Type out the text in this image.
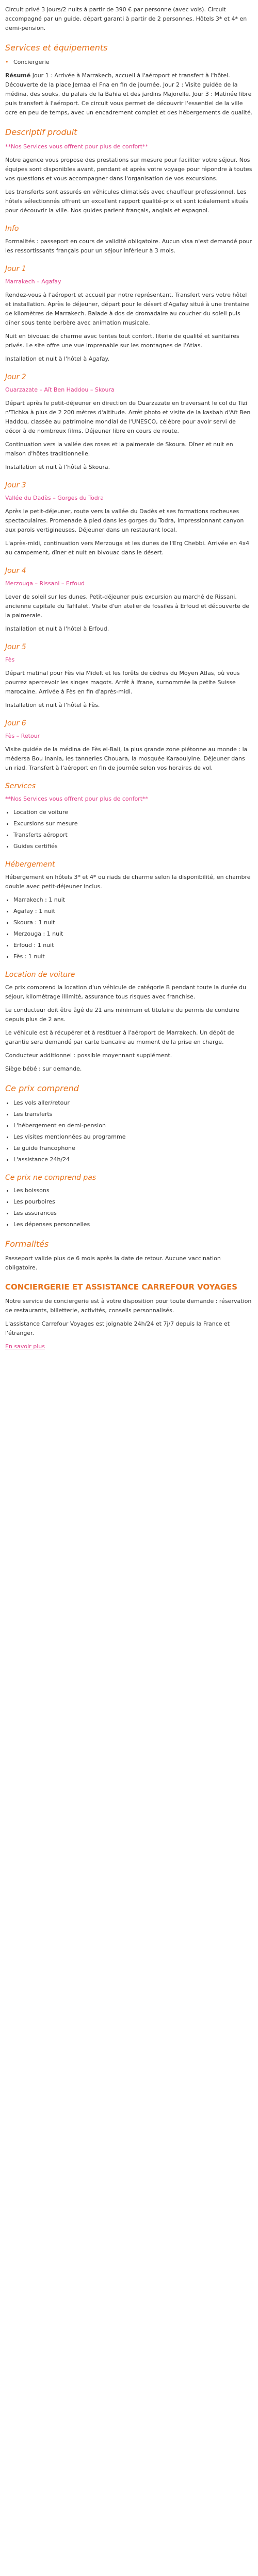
Circuit privé 3 jours/2 nuits à partir de 390 € par personne (avec vols). Circuit accompagné par un guide, départ garanti à partir de 2 personnes. Hôtels 3* et 4* en demi-pension.

Services et équipements
• Conciergerie

Résumé Jour 1 : Arrivée à Marrakech, accueil à l'aéroport et transfert à l'hôtel. Découverte de la place Jemaa el Fna en fin de journée. Jour 2 : Visite guidée de la médina, des souks, du palais de la Bahia et des jardins Majorelle. Jour 3 : Matinée libre puis transfert à l'aéroport. Ce circuit vous permet de découvrir l'essentiel de la ville ocre en peu de temps, avec un encadrement complet et des hébergements de qualité.

Descriptif produit

**Nos Services vous offrent pour plus de confort**

Notre agence vous propose des prestations sur mesure pour faciliter votre séjour. Nos équipes sont disponibles avant, pendant et après votre voyage pour répondre à toutes vos questions et vous accompagner dans l'organisation de vos excursions.

Les transferts sont assurés en véhicules climatisés avec chauffeur professionnel. Les hôtels sélectionnés offrent un excellent rapport qualité-prix et sont idéalement situés pour découvrir la ville. Nos guides parlent français, anglais et espagnol.

Info

Formalités : passeport en cours de validité obligatoire. Aucun visa n'est demandé pour les ressortissants français pour un séjour inférieur à 3 mois.

Jour 1

Marrakech – Agafay

Rendez-vous à l'aéroport et accueil par notre représentant. Transfert vers votre hôtel et installation. Après le déjeuner, départ pour le désert d'Agafay situé à une trentaine de kilomètres de Marrakech. Balade à dos de dromadaire au coucher du soleil puis dîner sous tente berbère avec animation musicale.

Nuit en bivouac de charme avec tentes tout confort, literie de qualité et sanitaires privés. Le site offre une vue imprenable sur les montagnes de l'Atlas.

Installation et nuit à l'hôtel à Agafay.

Jour 2

Ouarzazate – Aït Ben Haddou – Skoura

Départ après le petit-déjeuner en direction de Ouarzazate en traversant le col du Tizi n'Tichka à plus de 2 200 mètres d'altitude. Arrêt photo et visite de la kasbah d'Aït Ben Haddou, classée au patrimoine mondial de l'UNESCO, célèbre pour avoir servi de décor à de nombreux films. Déjeuner libre en cours de route.

Continuation vers la vallée des roses et la palmeraie de Skoura. Dîner et nuit en maison d'hôtes traditionnelle.

Installation et nuit à l'hôtel à Skoura.

Jour 3

Vallée du Dadès – Gorges du Todra

Après le petit-déjeuner, route vers la vallée du Dadès et ses formations rocheuses spectaculaires. Promenade à pied dans les gorges du Todra, impressionnant canyon aux parois vertigineuses. Déjeuner dans un restaurant local.

L'après-midi, continuation vers Merzouga et les dunes de l'Erg Chebbi. Arrivée en 4x4 au campement, dîner et nuit en bivouac dans le désert.

Jour 4

Merzouga – Rissani – Erfoud

Lever de soleil sur les dunes. Petit-déjeuner puis excursion au marché de Rissani, ancienne capitale du Tafilalet. Visite d'un atelier de fossiles à Erfoud et découverte de la palmeraie.

Installation et nuit à l'hôtel à Erfoud.

Jour 5

Fès

Départ matinal pour Fès via Midelt et les forêts de cèdres du Moyen Atlas, où vous pourrez apercevoir les singes magots. Arrêt à Ifrane, surnommée la petite Suisse marocaine. Arrivée à Fès en fin d'après-midi.

Installation et nuit à l'hôtel à Fès.

Jour 6

Fès – Retour

Visite guidée de la médina de Fès el-Bali, la plus grande zone piétonne au monde : la médersa Bou Inania, les tanneries Chouara, la mosquée Karaouiyine. Déjeuner dans un riad. Transfert à l'aéroport en fin de journée selon vos horaires de vol.

Services

**Nos Services vous offrent pour plus de confort**

• Location de voiture
• Excursions sur mesure
• Transferts aéroport
• Guides certifiés
Hébergement

Hébergement en hôtels 3* et 4* ou riads de charme selon la disponibilité, en chambre double avec petit-déjeuner inclus.

• Marrakech : 1 nuit
• Agafay : 1 nuit
• Skoura : 1 nuit
• Merzouga : 1 nuit
• Erfoud : 1 nuit
• Fès : 1 nuit
Location de voiture

Ce prix comprend la location d'un véhicule de catégorie B pendant toute la durée du séjour, kilométrage illimité, assurance tous risques avec franchise.

Le conducteur doit être âgé de 21 ans minimum et titulaire du permis de conduire depuis plus de 2 ans.

Le véhicule est à récupérer et à restituer à l'aéroport de Marrakech. Un dépôt de garantie sera demandé par carte bancaire au moment de la prise en charge.

Conducteur additionnel : possible moyennant supplément.

Siège bébé : sur demande.

Ce prix comprend
• Les vols aller/retour
• Les transferts
• L'hébergement en demi-pension
• Les visites mentionnées au programme
• Le guide francophone
• L'assistance 24h/24
Ce prix ne comprend pas
• Les boissons
• Les pourboires
• Les assurances
• Les dépenses personnelles
Formalités

Passeport valide plus de 6 mois après la date de retour. Aucune vaccination obligatoire.

CONCIERGERIE ET ASSISTANCE CARREFOUR VOYAGES

Notre service de conciergerie est à votre disposition pour toute demande : réservation de restaurants, billetterie, activités, conseils personnalisés.

L'assistance Carrefour Voyages est joignable 24h/24 et 7j/7 depuis la France et l'étranger.

En savoir plus
